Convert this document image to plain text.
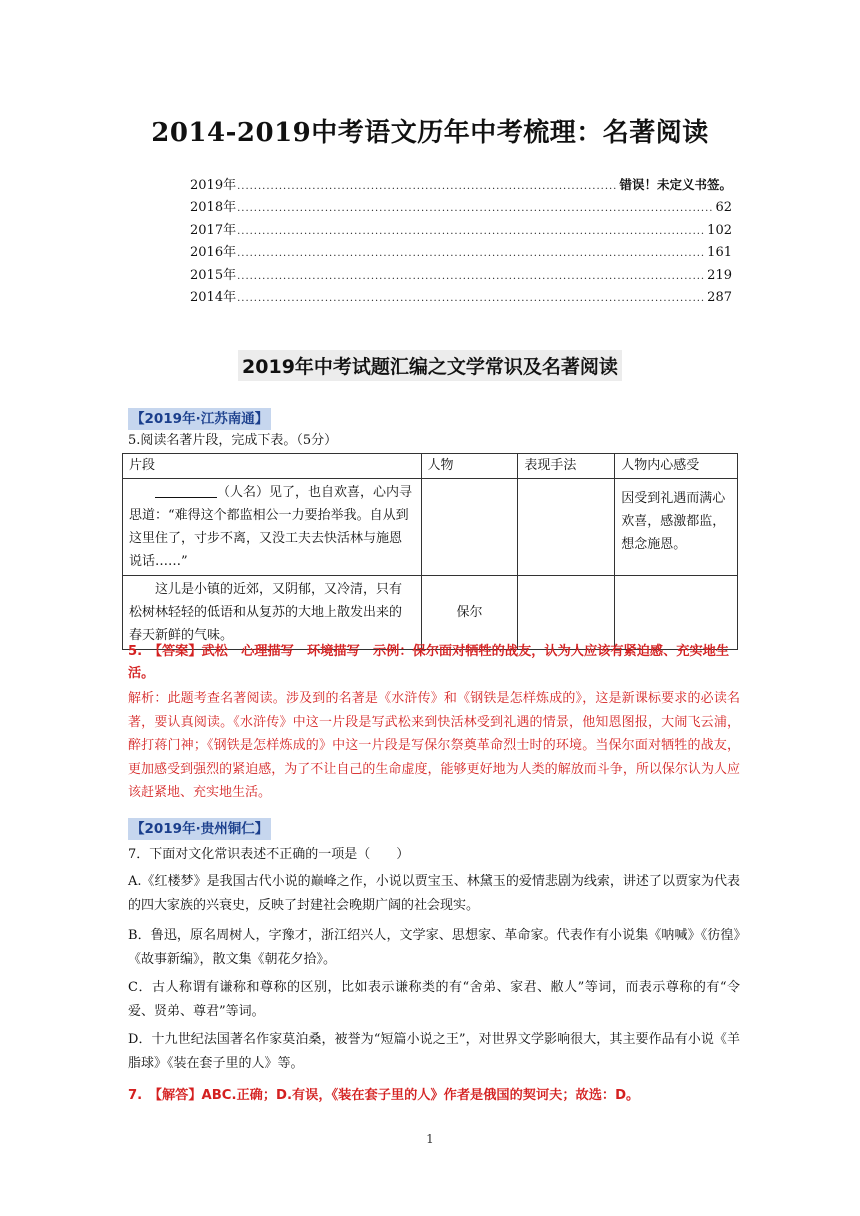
2014-2019中考语文历年中考梳理：名著阅读
2019年 .....	错误！未定义书签。
2018年 .....	62
2017年 .....	102
2016年 .....	161
2015年 .....	219
2014年 .....	287
2019年中考试题汇编之文学常识及名著阅读
【2019年·江苏南通】
5.阅读名著片段，完成下表。（5分）
片段	人物	表现手法	人物内心感受
（人名）见了，也自欢喜，心内寻思道：“难得这个都监相公一力要抬举我。自从到这里住了，寸步不离，又没工夫去快活林与施恩说话……”			因受到礼遇而满心欢喜，感激都监，想念施恩。
这儿是小镇的近郊，又阴郁，又冷清，只有松树林轻轻的低语和从复苏的大地上散发出来的春天新鲜的气味。	保尔		
5.　【答案】武松　心理描写　环境描写　示例：保尔面对牺牲的战友，认为人应该有紧迫感、充实地生活。
解析：此题考查名著阅读。涉及到的名著是《水浒传》和《钢铁是怎样炼成的》，这是新课标要求的必读名著，要认真阅读。《水浒传》中这一片段是写武松来到快活林受到礼遇的情景，他知恩图报，大闹飞云浦，醉打蒋门神；《钢铁是怎样炼成的》中这一片段是写保尔祭奠革命烈士时的环境。当保尔面对牺牲的战友，更加感受到强烈的紧迫感，为了不让自己的生命虚度，能够更好地为人类的解放而斗争，所以保尔认为人应该赶紧地、充实地生活。
【2019年·贵州铜仁】
7．下面对文化常识表述不正确的一项是（　　）
A.《红楼梦》是我国古代小说的巅峰之作，小说以贾宝玉、林黛玉的爱情悲剧为线索，讲述了以贾家为代表的四大家族的兴衰史，反映了封建社会晚期广阔的社会现实。
B．鲁迅，原名周树人，字豫才，浙江绍兴人，文学家、思想家、革命家。代表作有小说集《呐喊》《彷徨》《故事新编》，散文集《朝花夕拾》。
C．古人称谓有谦称和尊称的区别，比如表示谦称类的有“舍弟、家君、敝人”等词，而表示尊称的有“令爱、贤弟、尊君”等词。
D．十九世纪法国著名作家莫泊桑，被誉为“短篇小说之王”，对世界文学影响很大，其主要作品有小说《羊脂球》《装在套子里的人》等。
7.　【解答】ABC.正确；D.有误，《装在套子里的人》作者是俄国的契诃夫；故选：D。
1
